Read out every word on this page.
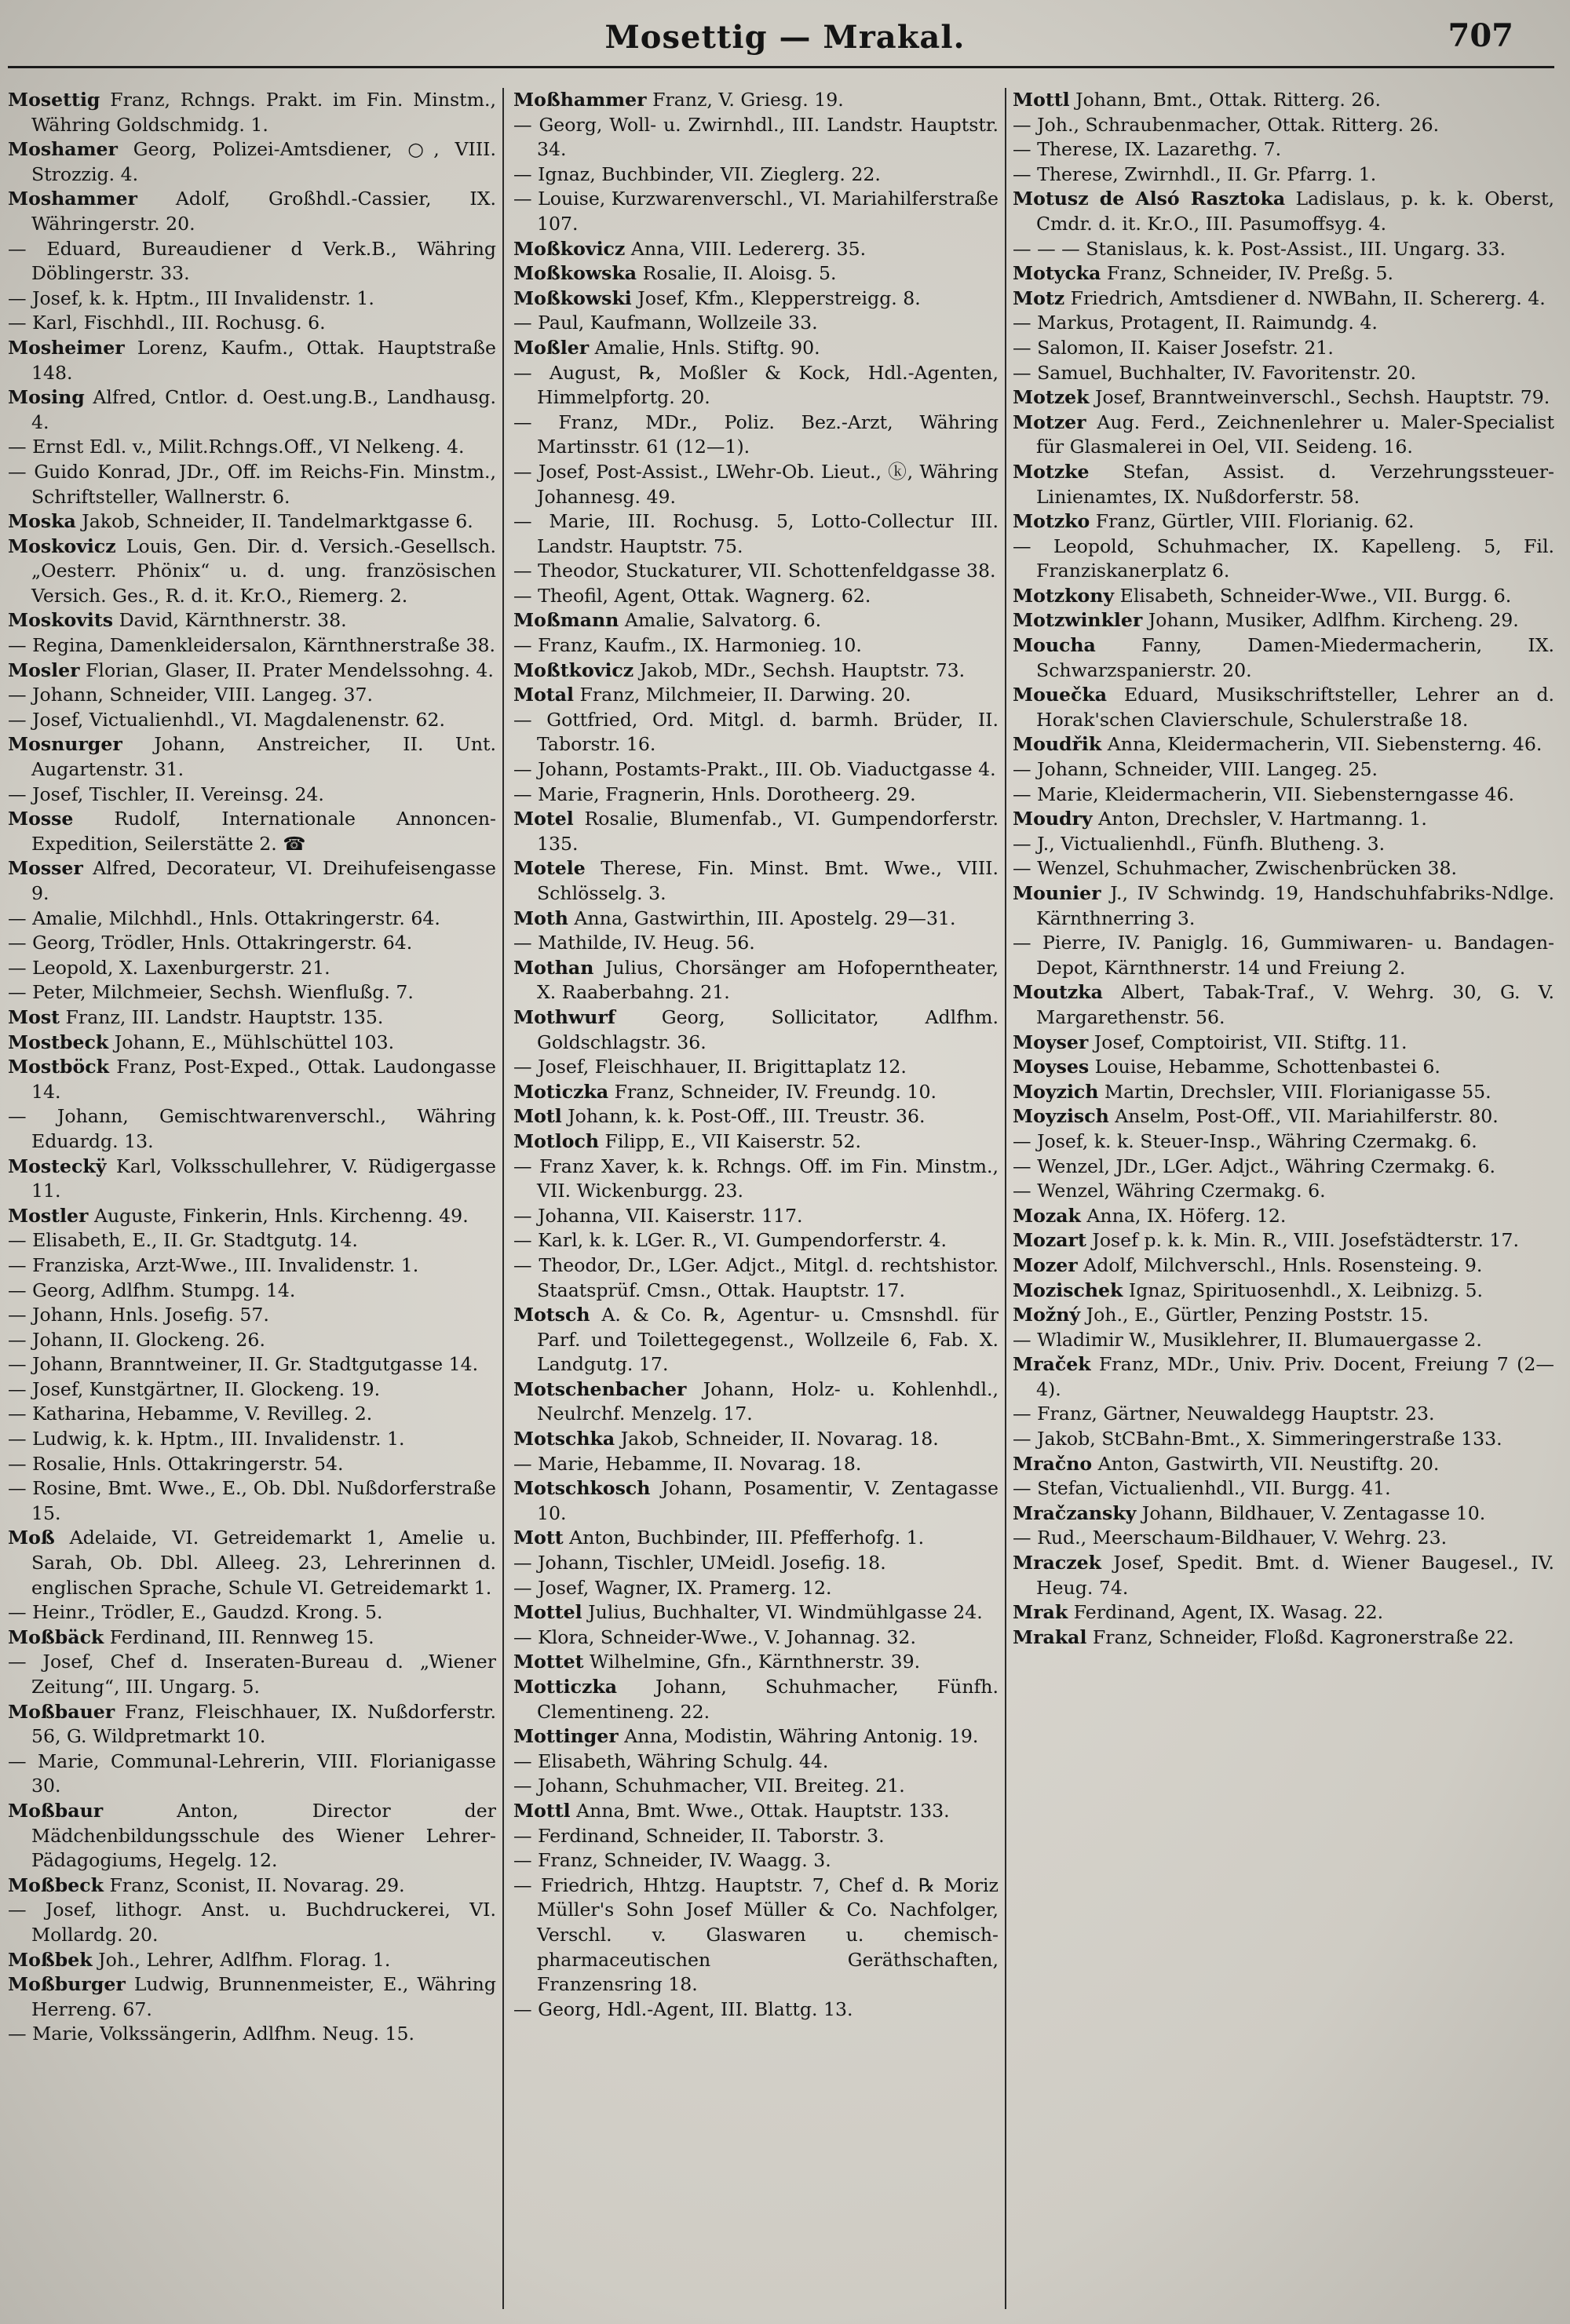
Mosettig — Mrakal.	707
Mosettig Franz, Rchngs. Prakt. im Fin. Minstm., Währing Goldschmidg. 1.
Moshamer Georg, Polizei-Amtsdiener, ○, VIII. Strozzig. 4.
Moshammer Adolf, Großhdl.-Cassier, IX. Währingerstr. 20.
— Eduard, Bureaudiener d Verk.B., Währing Döblingerstr. 33.
— Josef, k. k. Hptm., III Invalidenstr. 1.
— Karl, Fischhdl., III. Rochusg. 6.
Mosheimer Lorenz, Kaufm., Ottak. Hauptstraße 148.
Mosing Alfred, Cntlor. d. Oest.ung.B., Landhausg. 4.
— Ernst Edl. v., Milit.Rchngs.Off., VI Nelkeng. 4.
— Guido Konrad, JDr., Off. im Reichs-Fin. Minstm., Schriftsteller, Wallnerstr. 6.
Moska Jakob, Schneider, II. Tandelmarktgasse 6.
Moskovicz Louis, Gen. Dir. d. Versich.-Gesellsch. „Oesterr. Phönix“ u. d. ung. französischen Versich. Ges., R. d. it. Kr.O., Riemerg. 2.
Moskovits David, Kärnthnerstr. 38.
— Regina, Damenkleidersalon, Kärnthnerstraße 38.
Mosler Florian, Glaser, II. Prater Mendelssohng. 4.
— Johann, Schneider, VIII. Langeg. 37.
— Josef, Victualienhdl., VI. Magdalenenstr. 62.
Mosnurger Johann, Anstreicher, II. Unt. Augartenstr. 31.
— Josef, Tischler, II. Vereinsg. 24.
Mosse Rudolf, Internationale Annoncen-Expedition, Seilerstätte 2. ☎
Mosser Alfred, Decorateur, VI. Dreihufeisengasse 9.
— Amalie, Milchhdl., Hnls. Ottakringerstr. 64.
— Georg, Trödler, Hnls. Ottakringerstr. 64.
— Leopold, X. Laxenburgerstr. 21.
— Peter, Milchmeier, Sechsh. Wienflußg. 7.
Most Franz, III. Landstr. Hauptstr. 135.
Mostbeck Johann, E., Mühlschüttel 103.
Mostböck Franz, Post-Exped., Ottak. Laudongasse 14.
— Johann, Gemischtwarenverschl., Währing Eduardg. 13.
Mosteckÿ Karl, Volksschullehrer, V. Rüdigergasse 11.
Mostler Auguste, Finkerin, Hnls. Kirchenng. 49.
— Elisabeth, E., II. Gr. Stadtgutg. 14.
— Franziska, Arzt-Wwe., III. Invalidenstr. 1.
— Georg, Adlfhm. Stumpg. 14.
— Johann, Hnls. Josefig. 57.
— Johann, II. Glockeng. 26.
— Johann, Branntweiner, II. Gr. Stadtgutgasse 14.
— Josef, Kunstgärtner, II. Glockeng. 19.
— Katharina, Hebamme, V. Revilleg. 2.
— Ludwig, k. k. Hptm., III. Invalidenstr. 1.
— Rosalie, Hnls. Ottakringerstr. 54.
— Rosine, Bmt. Wwe., E., Ob. Dbl. Nußdorferstraße 15.
Moß Adelaide, VI. Getreidemarkt 1, Amelie u. Sarah, Ob. Dbl. Alleeg. 23, Lehrerinnen d. englischen Sprache, Schule VI. Getreidemarkt 1.
— Heinr., Trödler, E., Gaudzd. Krong. 5.
Moßbäck Ferdinand, III. Rennweg 15.
— Josef, Chef d. Inseraten-Bureau d. „Wiener Zeitung“, III. Ungarg. 5.
Moßbauer Franz, Fleischhauer, IX. Nußdorferstr. 56, G. Wildpretmarkt 10.
— Marie, Communal-Lehrerin, VIII. Florianigasse 30.
Moßbaur Anton, Director der Mädchenbildungsschule des Wiener Lehrer-Pädagogiums, Hegelg. 12.
Moßbeck Franz, Sconist, II. Novarag. 29.
— Josef, lithogr. Anst. u. Buchdruckerei, VI. Mollardg. 20.
Moßbek Joh., Lehrer, Adlfhm. Florag. 1.
Moßburger Ludwig, Brunnenmeister, E., Währing Herreng. 67.
— Marie, Volkssängerin, Adlfhm. Neug. 15.
Moßhammer Franz, V. Griesg. 19.
— Georg, Woll- u. Zwirnhdl., III. Landstr. Hauptstr. 34.
— Ignaz, Buchbinder, VII. Zieglerg. 22.
— Louise, Kurzwarenverschl., VI. Mariahilferstraße 107.
Moßkovicz Anna, VIII. Ledererg. 35.
Moßkowska Rosalie, II. Aloisg. 5.
Moßkowski Josef, Kfm., Klepperstreigg. 8.
— Paul, Kaufmann, Wollzeile 33.
Moßler Amalie, Hnls. Stiftg. 90.
— August, ℞, Moßler & Kock, Hdl.-Agenten, Himmelpfortg. 20.
— Franz, MDr., Poliz. Bez.-Arzt, Währing Martinsstr. 61 (12—1).
— Josef, Post-Assist., LWehr-Ob. Lieut., ⓚ, Währing Johannesg. 49.
— Marie, III. Rochusg. 5, Lotto-Collectur III. Landstr. Hauptstr. 75.
— Theodor, Stuckaturer, VII. Schottenfeldgasse 38.
— Theofil, Agent, Ottak. Wagnerg. 62.
Moßmann Amalie, Salvatorg. 6.
— Franz, Kaufm., IX. Harmonieg. 10.
Moßtkovicz Jakob, MDr., Sechsh. Hauptstr. 73.
Motal Franz, Milchmeier, II. Darwing. 20.
— Gottfried, Ord. Mitgl. d. barmh. Brüder, II. Taborstr. 16.
— Johann, Postamts-Prakt., III. Ob. Viaductgasse 4.
— Marie, Fragnerin, Hnls. Dorotheerg. 29.
Motel Rosalie, Blumenfab., VI. Gumpendorferstr. 135.
Motele Therese, Fin. Minst. Bmt. Wwe., VIII. Schlösselg. 3.
Moth Anna, Gastwirthin, III. Apostelg. 29—31.
— Mathilde, IV. Heug. 56.
Mothan Julius, Chorsänger am Hofoperntheater, X. Raaberbahng. 21.
Mothwurf Georg, Sollicitator, Adlfhm. Goldschlagstr. 36.
— Josef, Fleischhauer, II. Brigittaplatz 12.
Moticzka Franz, Schneider, IV. Freundg. 10.
Motl Johann, k. k. Post-Off., III. Treustr. 36.
Motloch Filipp, E., VII Kaiserstr. 52.
— Franz Xaver, k. k. Rchngs. Off. im Fin. Minstm., VII. Wickenburgg. 23.
— Johanna, VII. Kaiserstr. 117.
— Karl, k. k. LGer. R., VI. Gumpendorferstr. 4.
— Theodor, Dr., LGer. Adjct., Mitgl. d. rechtshistor. Staatsprüf. Cmsn., Ottak. Hauptstr. 17.
Motsch A. & Co. ℞, Agentur- u. Cmsnshdl. für Parf. und Toilettegegenst., Wollzeile 6, Fab. X. Landgutg. 17.
Motschenbacher Johann, Holz- u. Kohlenhdl., Neulrchf. Menzelg. 17.
Motschka Jakob, Schneider, II. Novarag. 18.
— Marie, Hebamme, II. Novarag. 18.
Motschkosch Johann, Posamentir, V. Zentagasse 10.
Mott Anton, Buchbinder, III. Pfefferhofg. 1.
— Johann, Tischler, UMeidl. Josefig. 18.
— Josef, Wagner, IX. Pramerg. 12.
Mottel Julius, Buchhalter, VI. Windmühlgasse 24.
— Klora, Schneider-Wwe., V. Johannag. 32.
Mottet Wilhelmine, Gfn., Kärnthnerstr. 39.
Motticzka Johann, Schuhmacher, Fünfh. Clementineng. 22.
Mottinger Anna, Modistin, Währing Antonig. 19.
— Elisabeth, Währing Schulg. 44.
— Johann, Schuhmacher, VII. Breiteg. 21.
Mottl Anna, Bmt. Wwe., Ottak. Hauptstr. 133.
— Ferdinand, Schneider, II. Taborstr. 3.
— Franz, Schneider, IV. Waagg. 3.
— Friedrich, Hhtzg. Hauptstr. 7, Chef d. ℞ Moriz Müller's Sohn Josef Müller & Co. Nachfolger, Verschl. v. Glaswaren u. chemisch-pharmaceutischen Geräthschaften, Franzensring 18.
— Georg, Hdl.-Agent, III. Blattg. 13.
Mottl Johann, Bmt., Ottak. Ritterg. 26.
— Joh., Schraubenmacher, Ottak. Ritterg. 26.
— Therese, IX. Lazarethg. 7.
— Therese, Zwirnhdl., II. Gr. Pfarrg. 1.
Motusz de Alsó Rasztoka Ladislaus, p. k. k. Oberst, Cmdr. d. it. Kr.O., III. Pasumoffsyg. 4.
— — — Stanislaus, k. k. Post-Assist., III. Ungarg. 33.
Motycka Franz, Schneider, IV. Preßg. 5.
Motz Friedrich, Amtsdiener d. NWBahn, II. Schererg. 4.
— Markus, Protagent, II. Raimundg. 4.
— Salomon, II. Kaiser Josefstr. 21.
— Samuel, Buchhalter, IV. Favoritenstr. 20.
Motzek Josef, Branntweinverschl., Sechsh. Hauptstr. 79.
Motzer Aug. Ferd., Zeichnenlehrer u. Maler-Specialist für Glasmalerei in Oel, VII. Seideng. 16.
Motzke Stefan, Assist. d. Verzehrungssteuer-Linienamtes, IX. Nußdorferstr. 58.
Motzko Franz, Gürtler, VIII. Florianig. 62.
— Leopold, Schuhmacher, IX. Kapelleng. 5, Fil. Franziskanerplatz 6.
Motzkony Elisabeth, Schneider-Wwe., VII. Burgg. 6.
Motzwinkler Johann, Musiker, Adlfhm. Kircheng. 29.
Moucha Fanny, Damen-Miedermacherin, IX. Schwarzspanierstr. 20.
Mouečka Eduard, Musikschriftsteller, Lehrer an d. Horak'schen Clavierschule, Schulerstraße 18.
Moudřik Anna, Kleidermacherin, VII. Siebensterng. 46.
— Johann, Schneider, VIII. Langeg. 25.
— Marie, Kleidermacherin, VII. Siebensterngasse 46.
Moudry Anton, Drechsler, V. Hartmanng. 1.
— J., Victualienhdl., Fünfh. Blutheng. 3.
— Wenzel, Schuhmacher, Zwischenbrücken 38.
Mounier J., IV Schwindg. 19, Handschuhfabriks-Ndlge. Kärnthnerring 3.
— Pierre, IV. Paniglg. 16, Gummiwaren- u. Bandagen-Depot, Kärnthnerstr. 14 und Freiung 2.
Moutzka Albert, Tabak-Traf., V. Wehrg. 30, G. V. Margarethenstr. 56.
Moyser Josef, Comptoirist, VII. Stiftg. 11.
Moyses Louise, Hebamme, Schottenbastei 6.
Moyzich Martin, Drechsler, VIII. Florianigasse 55.
Moyzisch Anselm, Post-Off., VII. Mariahilferstr. 80.
— Josef, k. k. Steuer-Insp., Währing Czermakg. 6.
— Wenzel, JDr., LGer. Adjct., Währing Czermakg. 6.
— Wenzel, Währing Czermakg. 6.
Mozak Anna, IX. Höferg. 12.
Mozart Josef p. k. k. Min. R., VIII. Josefstädterstr. 17.
Mozer Adolf, Milchverschl., Hnls. Rosensteing. 9.
Mozischek Ignaz, Spirituosenhdl., X. Leibnizg. 5.
Možný Joh., E., Gürtler, Penzing Poststr. 15.
— Wladimir W., Musiklehrer, II. Blumauergasse 2.
Mraček Franz, MDr., Univ. Priv. Docent, Freiung 7 (2—4).
— Franz, Gärtner, Neuwaldegg Hauptstr. 23.
— Jakob, StCBahn-Bmt., X. Simmeringerstraße 133.
Mračno Anton, Gastwirth, VII. Neustiftg. 20.
— Stefan, Victualienhdl., VII. Burgg. 41.
Mračzansky Johann, Bildhauer, V. Zentagasse 10.
— Rud., Meerschaum-Bildhauer, V. Wehrg. 23.
Mraczek Josef, Spedit. Bmt. d. Wiener Baugesel., IV. Heug. 74.
Mrak Ferdinand, Agent, IX. Wasag. 22.
Mrakal Franz, Schneider, Floßd. Kagronerstraße 22.
